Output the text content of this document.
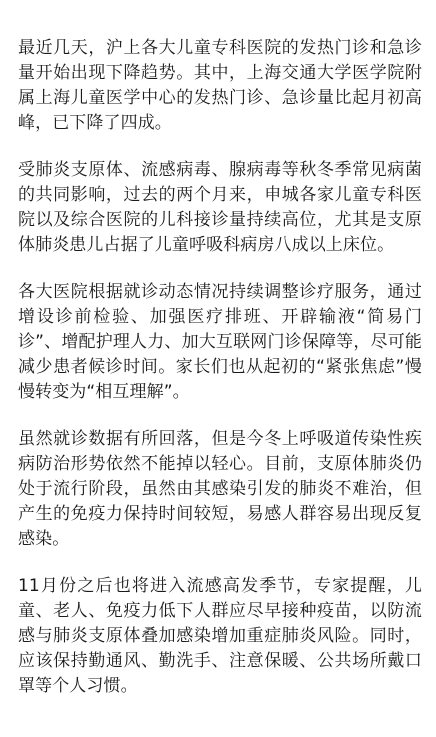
最近几天，沪上各大儿童专科医院的发热门诊和急诊量开始出现下降趋势。其中，上海交通大学医学院附属上海儿童医学中心的发热门诊、急诊量比起月初高峰，已下降了四成。

受肺炎支原体、流感病毒、腺病毒等秋冬季常见病菌的共同影响，过去的两个月来，申城各家儿童专科医院以及综合医院的儿科接诊量持续高位，尤其是支原体肺炎患儿占据了儿童呼吸科病房八成以上床位。

各大医院根据就诊动态情况持续调整诊疗服务，通过增设诊前检验、加强医疗排班、开辟输液“简易门诊”、增配护理人力、加大互联网门诊保障等，尽可能减少患者候诊时间。家长们也从起初的“紧张焦虑”慢慢转变为“相互理解”。

虽然就诊数据有所回落，但是今冬上呼吸道传染性疾病防治形势依然不能掉以轻心。目前，支原体肺炎仍处于流行阶段，虽然由其感染引发的肺炎不难治，但产生的免疫力保持时间较短，易感人群容易出现反复感染。

11月份之后也将进入流感高发季节，专家提醒，儿童、老人、免疫力低下人群应尽早接种疫苗，以防流感与肺炎支原体叠加感染增加重症肺炎风险。同时，应该保持勤通风、勤洗手、注意保暖、公共场所戴口罩等个人习惯。
